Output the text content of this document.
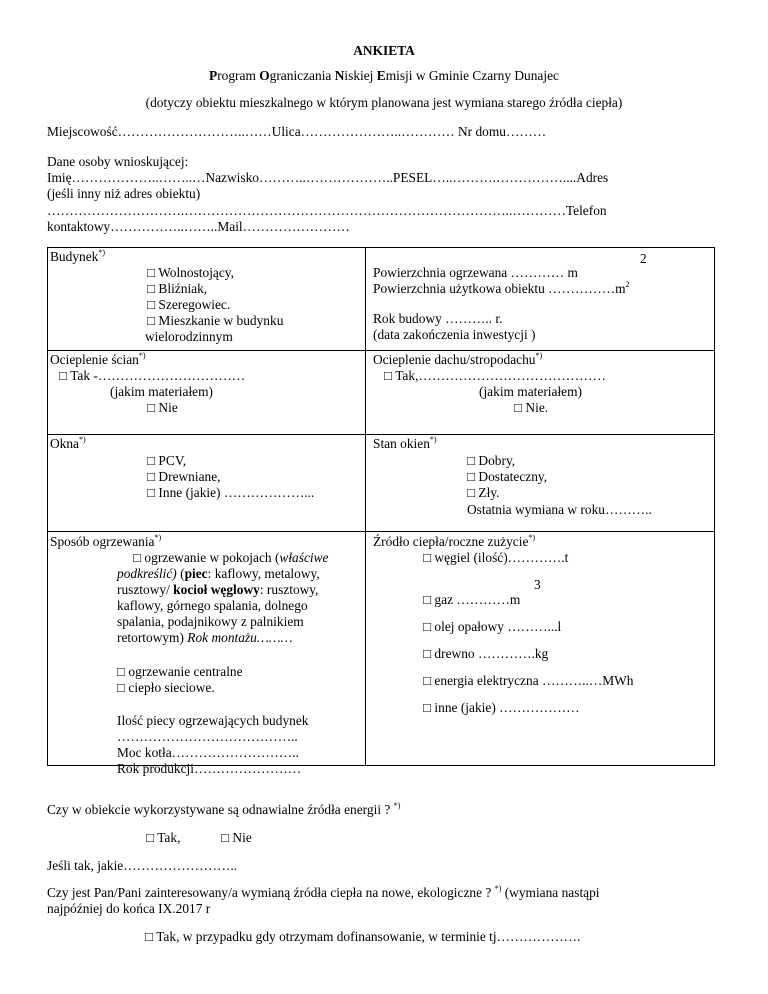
ANKIETA
Program Ograniczania Niskiej Emisji w Gminie Czarny Dunajec
(dotyczy obiektu mieszkalnego w którym planowana jest wymiana starego źródła ciepła)
Miejscowość………………………..……Ulica…………………..………… Nr domu………
Dane osoby wnioskującej:
Imię………………..……..…Nazwisko………..………………..PESEL…..……….……………....Adres
(jeśli inny niż adres obiektu)
………………………….………………………………………………………………..…………Telefon
kontaktowy……………..……..Mail……………………
Budynek*)
□ Wolnostojący,
□ Bliźniak,
□ Szeregowiec.
□ Mieszkanie w budynku
wielorodzinnym
2
Powierzchnia ogrzewana ………… m
Powierzchnia użytkowa obiektu $\dots\dots\dots\dots\dots m^2$
Rok budowy ……….. r.
(data zakończenia inwestycji )
Ocieplenie ścian*)
□ Tak -……………………………
(jakim materiałem)
□ Nie
Ocieplenie dachu/stropodachu*)
□ Tak,……………………………………
(jakim materiałem)
□ Nie.
Okna*)
□ PCV,
□ Drewniane,
□ Inne (jakie) ………………...
Stan okien*)
□ Dobry,
□ Dostateczny,
□ Zły.
Ostatnia wymiana w roku………..
Sposób ogrzewania*)
□ ogrzewanie w pokojach (właściwe podkreślić) (piec: kaflowy, metalowy, rusztowy/ kocioł węglowy: rusztowy, kaflowy, górnego spalania, dolnego spalania, podajnikowy z palnikiem retortowym) Rok montażu………
□ ogrzewanie centralne
□ ciepło sieciowe.
Ilość piecy ogrzewających budynek
…………………………………..
Moc kotła………………………..
Rok produkcji……………………
Źródło ciepła/roczne zużycie*)
□ węgiel (ilość)………….t
3
□ gaz …………m
□ olej opałowy ………...l
□ drewno ………….kg
□ energia elektryczna ………..…MWh
□ inne (jakie) ………………
Czy w obiekcie wykorzystywane są odnawialne źródła energii ? *)
□ Tak,	□ Nie
Jeśli tak, jakie……………………..
Czy jest Pan/Pani zainteresowany/a wymianą źródła ciepła na nowe, ekologiczne ? *) (wymiana nastąpi
najpóźniej do końca IX.2017 r
□ Tak, w przypadku gdy otrzymam dofinansowanie, w terminie tj……………….
